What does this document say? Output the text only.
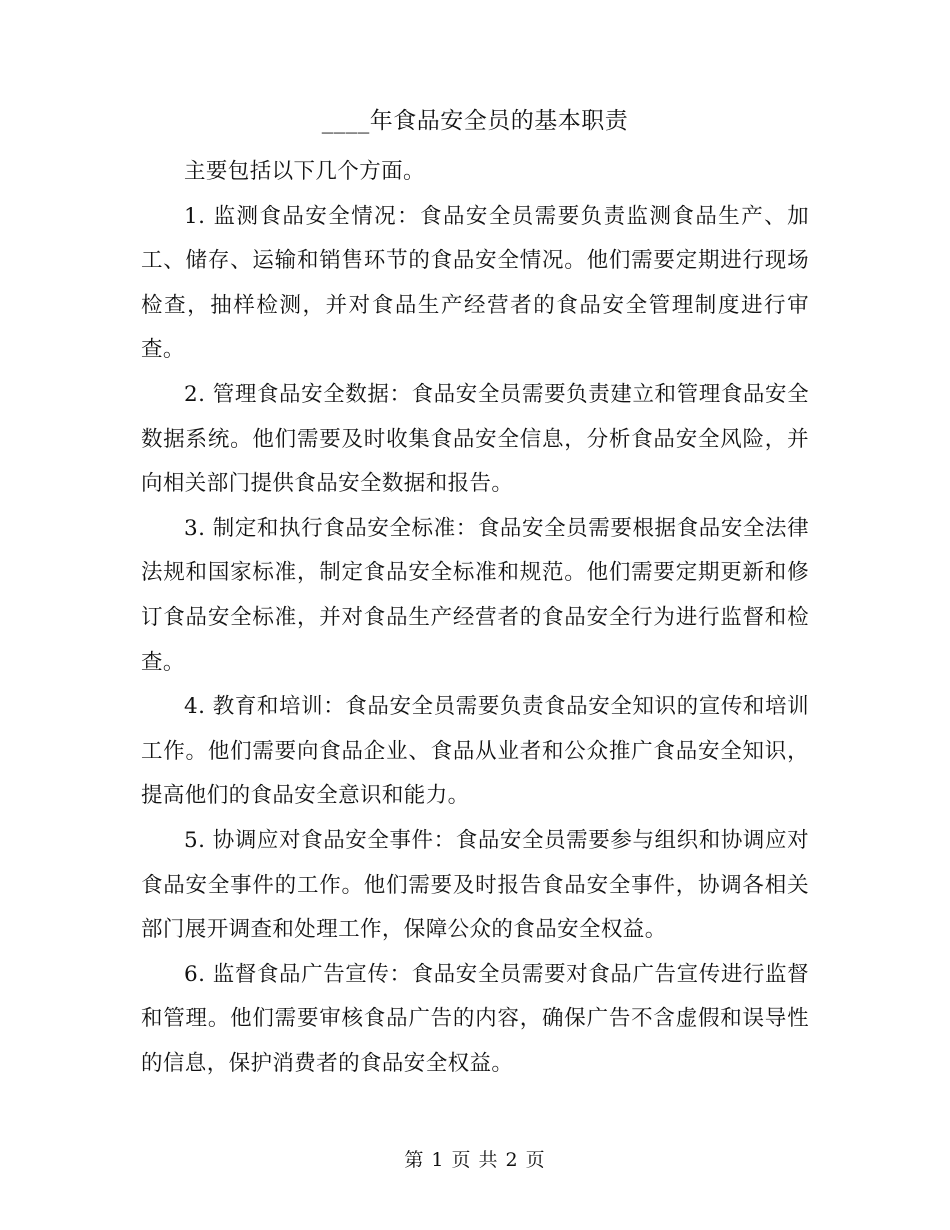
____年食品安全员的基本职责

主要包括以下几个方面。

1. 监测食品安全情况：食品安全员需要负责监测食品生产、加工、储存、运输和销售环节的食品安全情况。他们需要定期进行现场检查，抽样检测，并对食品生产经营者的食品安全管理制度进行审查。

2. 管理食品安全数据：食品安全员需要负责建立和管理食品安全数据系统。他们需要及时收集食品安全信息，分析食品安全风险，并向相关部门提供食品安全数据和报告。

3. 制定和执行食品安全标准：食品安全员需要根据食品安全法律法规和国家标准，制定食品安全标准和规范。他们需要定期更新和修订食品安全标准，并对食品生产经营者的食品安全行为进行监督和检查。

4. 教育和培训：食品安全员需要负责食品安全知识的宣传和培训工作。他们需要向食品企业、食品从业者和公众推广食品安全知识，提高他们的食品安全意识和能力。

5. 协调应对食品安全事件：食品安全员需要参与组织和协调应对食品安全事件的工作。他们需要及时报告食品安全事件，协调各相关部门展开调查和处理工作，保障公众的食品安全权益。

6. 监督食品广告宣传：食品安全员需要对食品广告宣传进行监督和管理。他们需要审核食品广告的内容，确保广告不含虚假和误导性的信息，保护消费者的食品安全权益。

第 1 页 共 2 页
